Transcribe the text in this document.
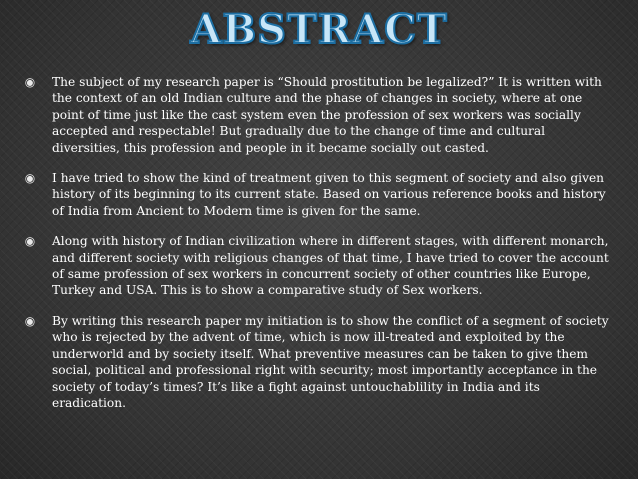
ABSTRACT
◉ The subject of my research paper is “Should prostitution be legalized?” It is written with the context of an old Indian culture and the phase of changes in society, where at one point of time just like the cast system even the profession of sex workers was socially accepted and respectable! But gradually due to the change of time and cultural diversities, this profession and people in it became socially out casted.
◉ I have tried to show the kind of treatment given to this segment of society and also given history of its beginning to its current state. Based on various reference books and history of India from Ancient to Modern time is given for the same.
◉ Along with history of Indian civilization where in different stages, with different monarch, and different society with religious changes of that time, I have tried to cover the account of same profession of sex workers in concurrent society of other countries like Europe, Turkey and USA. This is to show a comparative study of Sex workers.
◉ By writing this research paper my initiation is to show the conflict of a segment of society who is rejected by the advent of time, which is now ill-treated and exploited by the underworld and by society itself. What preventive measures can be taken to give them social, political and professional right with security; most importantly acceptance in the society of today’s times? It’s like a fight against untouchablility in India and its eradication.
